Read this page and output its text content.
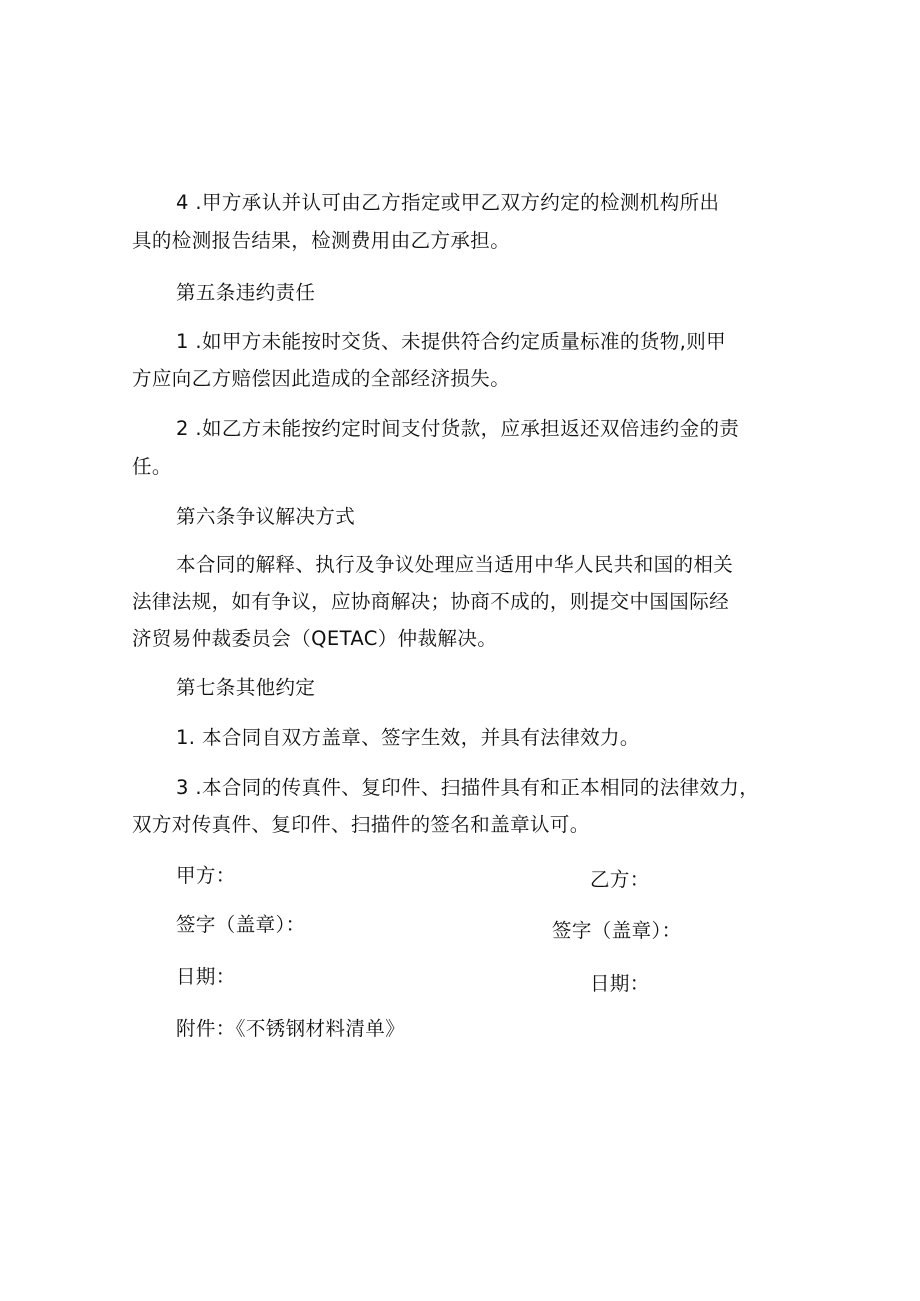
4 .甲方承认并认可由乙方指定或甲乙双方约定的检测机构所出
具的检测报告结果，检测费用由乙方承担。
第五条违约责任
1 .如甲方未能按时交货、未提供符合约定质量标准的货物,则甲
方应向乙方赔偿因此造成的全部经济损失。
2 .如乙方未能按约定时间支付货款，应承担返还双倍违约金的责
任。
第六条争议解决方式
本合同的解释、执行及争议处理应当适用中华人民共和国的相关
法律法规，如有争议，应协商解决；协商不成的，则提交中国国际经
济贸易仲裁委员会（QETAC）仲裁解决。
第七条其他约定
1. 本合同自双方盖章、签字生效，并具有法律效力。
3 .本合同的传真件、复印件、扫描件具有和正本相同的法律效力，
双方对传真件、复印件、扫描件的签名和盖章认可。
甲方：	乙方：
签字（盖章）：	签字（盖章）：
日期：	日期：
附件：《不锈钢材料清单》
